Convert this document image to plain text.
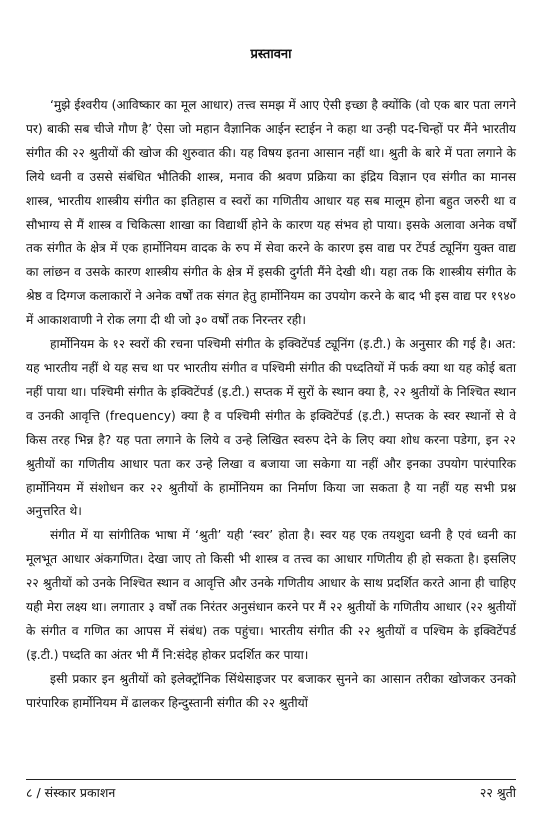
प्रस्तावना

‘मुझे ईश्वरीय (आविष्कार का मूल आधार) तत्त्व समझ में आए ऐसी इच्छा है क्योंकि (वो एक बार पता लगने पर) बाकी सब चीजे गौण है’ ऐसा जो महान वैज्ञानिक आईन स्टाईन ने कहा था उन्ही पद-चिन्हों पर मैंने भारतीय संगीत की २२ श्रुतीयों की खोज की शुरुवात की। यह विषय इतना आसान नहीं था। श्रुती के बारे में पता लगाने के लिये ध्वनी व उससे संबंधित भौतिकी शास्त्र, मनाव की श्रवण प्रक्रिया का इंद्रिय विज्ञान एव संगीत का मानस शास्त्र, भारतीय शास्त्रीय संगीत का इतिहास व स्वरों का गणितीय आधार यह सब मालूम होना बहुत जरुरी था व सौभाग्य से मैं शास्त्र व चिकित्सा शाखा का विद्यार्थी होने के कारण यह संभव हो पाया। इसके अलावा अनेक वर्षों तक संगीत के क्षेत्र में एक हार्मोनियम वादक के रुप में सेवा करने के कारण इस वाद्य पर टेंपर्ड ट्यूनिंग युक्त वाद्य का लांछन व उसके कारण शास्त्रीय संगीत के क्षेत्र में इसकी दुर्गती मैंने देखी थी। यहा तक कि शास्त्रीय संगीत के श्रेष्ठ व दिग्गज कलाकारों ने अनेक वर्षों तक संगत हेतु हार्मोनियम का उपयोग करने के बाद भी इस वाद्य पर १९४० में आकाशवाणी ने रोक लगा दी थी जो ३० वर्षों तक निरन्तर रही।

हार्मोनियम के १२ स्वरों की रचना पश्चिमी संगीत के इक्विटेंपर्ड ट्यूनिंग (इ.टी.) के अनुसार की गई है। अत: यह भारतीय नहीं थे यह सच था पर भारतीय संगीत व पश्चिमी संगीत की पध्दतियों में फर्क क्या था यह कोई बता नहीं पाया था। पश्चिमी संगीत के इक्विटेंपर्ड (इ.टी.) सप्तक में सुरों के स्थान क्या है, २२ श्रुतीयों के निश्चित स्थान व उनकी आवृत्ति (frequency) क्या है व पश्चिमी संगीत के इक्विटेंपर्ड (इ.टी.) सप्तक के स्वर स्थानों से वे किस तरह भिन्न है? यह पता लगाने के लिये व उन्हे लिखित स्वरुप देने के लिए क्या शोध करना पडेगा, इन २२ श्रुतीयों का गणितीय आधार पता कर उन्हे लिखा व बजाया जा सकेगा या नहीं और इनका उपयोग पारंपारिक हार्मोनियम में संशोधन कर २२ श्रुतीयों के हार्मोनियम का निर्माण किया जा सकता है या नहीं यह सभी प्रश्न अनुत्तरित थे।

संगीत में या सांगीतिक भाषा में ‘श्रुती’ यही ‘स्वर’ होता है। स्वर यह एक तयशुदा ध्वनी है एवं ध्वनी का मूलभूत आधार अंकगणित। देखा जाए तो किसी भी शास्त्र व तत्त्व का आधार गणितीय ही हो सकता है। इसलिए २२ श्रुतीयों को उनके निश्चित स्थान व आवृत्ति और उनके गणितीय आधार के साथ प्रदर्शित करते आना ही चाहिए यही मेरा लक्ष्य था। लगातार ३ वर्षों तक निरंतर अनुसंधान करने पर मैं २२ श्रुतीयों के गणितीय आधार (२२ श्रुतीयों के संगीत व गणित का आपस में संबंध) तक पहुंचा। भारतीय संगीत की २२ श्रुतीयों व पश्चिम के इक्विटेंपर्ड (इ.टी.) पध्दति का अंतर भी मैं नि:संदेह होकर प्रदर्शित कर पाया।

इसी प्रकार इन श्रुतीयों को इलेक्ट्रॉनिक सिंथेसाइजर पर बजाकर सुनने का आसान तरीका खोजकर उनको पारंपारिक हार्मोनियम में ढालकर हिन्दुस्तानी संगीत की २२ श्रुतीयों

८ / संस्कार प्रकाशन	२२ श्रुती
